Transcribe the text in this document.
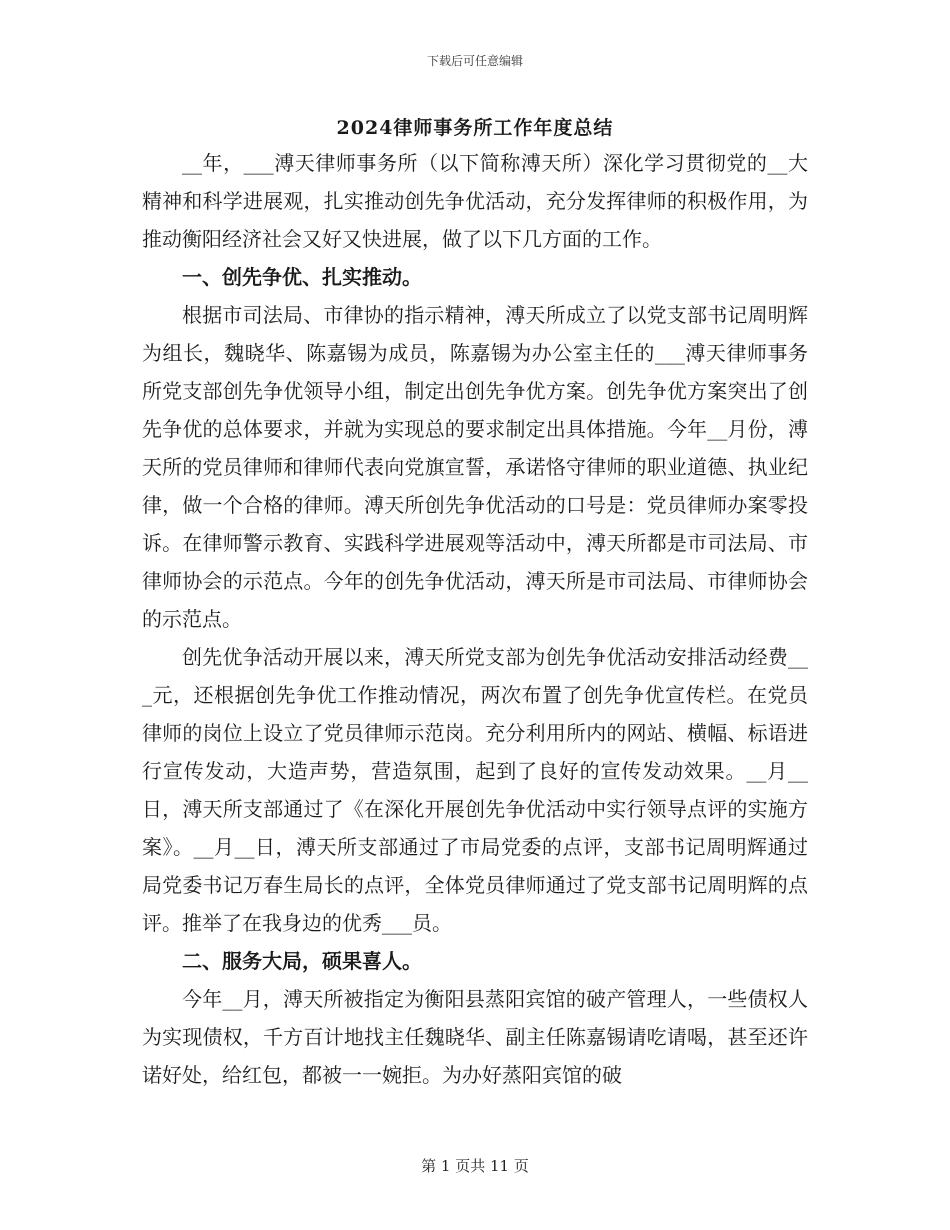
下载后可任意编辑
2024律师事务所工作年度总结

__年，___溥天律师事务所（以下简称溥天所）深化学习贯彻党的__大精神和科学进展观，扎实推动创先争优活动，充分发挥律师的积极作用，为推动衡阳经济社会又好又快进展，做了以下几方面的工作。

一、创先争优、扎实推动。

根据市司法局、市律协的指示精神，溥天所成立了以党支部书记周明辉为组长，魏晓华、陈嘉锡为成员，陈嘉锡为办公室主任的___溥天律师事务所党支部创先争优领导小组，制定出创先争优方案。创先争优方案突出了创先争优的总体要求，并就为实现总的要求制定出具体措施。今年__月份，溥天所的党员律师和律师代表向党旗宣誓，承诺恪守律师的职业道德、执业纪律，做一个合格的律师。溥天所创先争优活动的口号是：党员律师办案零投诉。在律师警示教育、实践科学进展观等活动中，溥天所都是市司法局、市律师协会的示范点。今年的创先争优活动，溥天所是市司法局、市律师协会的示范点。

创先优争活动开展以来，溥天所党支部为创先争优活动安排活动经费___元，还根据创先争优工作推动情况，两次布置了创先争优宣传栏。在党员律师的岗位上设立了党员律师示范岗。充分利用所内的网站、横幅、标语进行宣传发动，大造声势，营造氛围，起到了良好的宣传发动效果。__月__日，溥天所支部通过了《在深化开展创先争优活动中实行领导点评的实施方案》。__月__日，溥天所支部通过了市局党委的点评，支部书记周明辉通过局党委书记万春生局长的点评，全体党员律师通过了党支部书记周明辉的点评。推举了在我身边的优秀___员。

二、服务大局，硕果喜人。

今年__月，溥天所被指定为衡阳县蒸阳宾馆的破产管理人，一些债权人为实现债权，千方百计地找主任魏晓华、副主任陈嘉锡请吃请喝，甚至还许诺好处，给红包，都被一一婉拒。为办好蒸阳宾馆的破

第 1 页共 11 页
